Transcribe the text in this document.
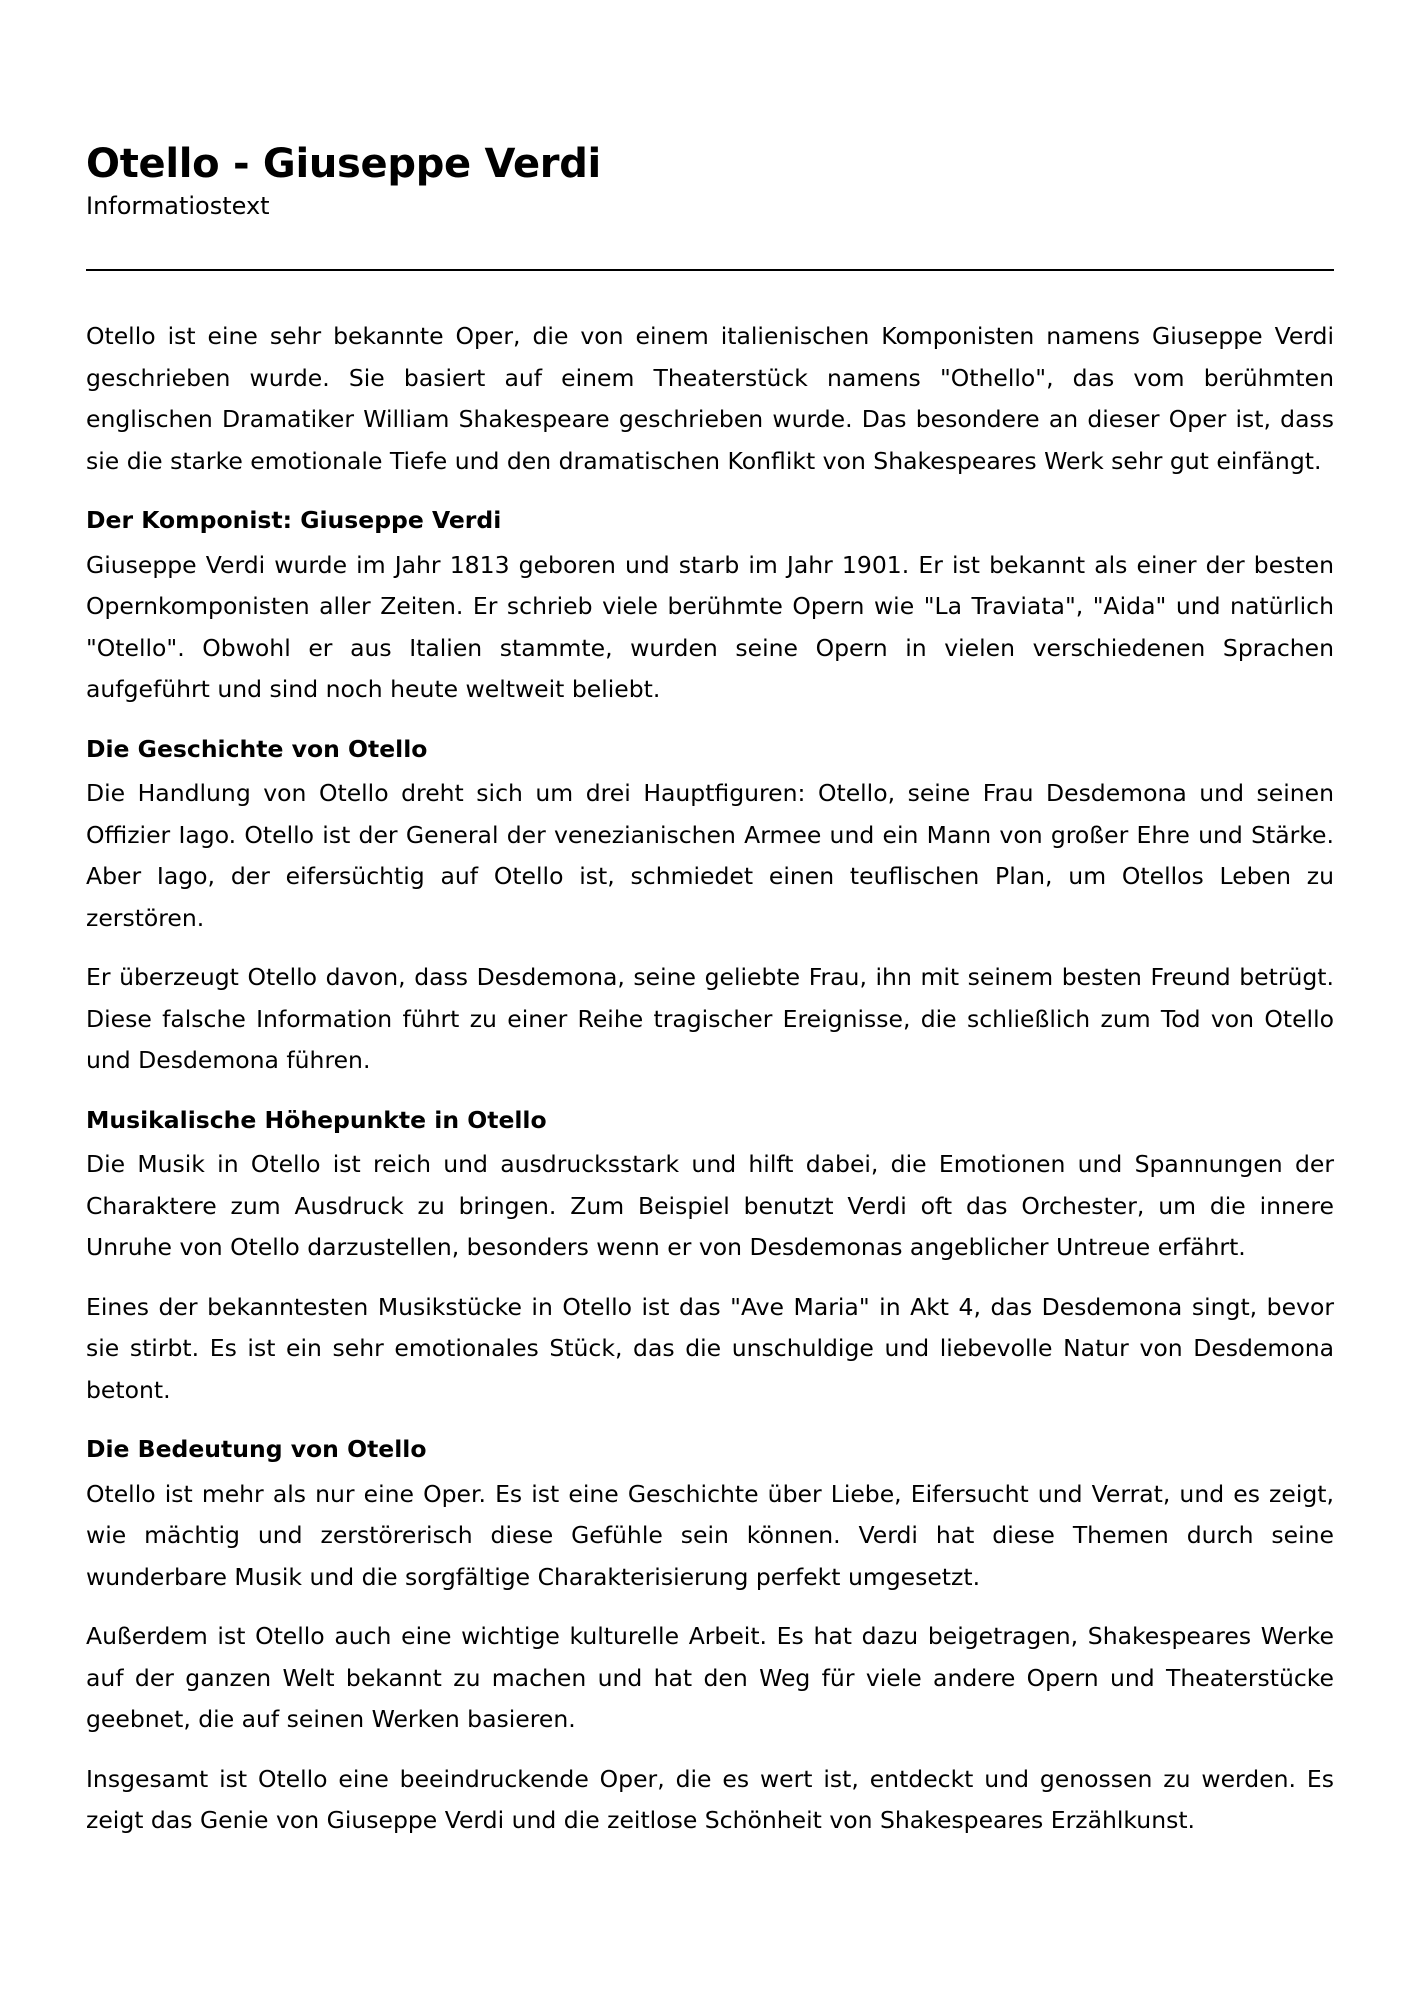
Otello - Giuseppe Verdi

Informatiostext

Otello ist eine sehr bekannte Oper, die von einem italienischen Komponisten namens Giuseppe Verdi geschrieben wurde. Sie basiert auf einem Theaterstück namens "Othello", das vom berühmten englischen Dramatiker William Shakespeare geschrieben wurde. Das besondere an dieser Oper ist, dass sie die starke emotionale Tiefe und den dramatischen Konflikt von Shakespeares Werk sehr gut einfängt.

Der Komponist: Giuseppe Verdi

Giuseppe Verdi wurde im Jahr 1813 geboren und starb im Jahr 1901. Er ist bekannt als einer der besten Opernkomponisten aller Zeiten. Er schrieb viele berühmte Opern wie "La Traviata", "Aida" und natürlich "Otello". Obwohl er aus Italien stammte, wurden seine Opern in vielen verschiedenen Sprachen aufgeführt und sind noch heute weltweit beliebt.

Die Geschichte von Otello

Die Handlung von Otello dreht sich um drei Hauptfiguren: Otello, seine Frau Desdemona und seinen Offizier Iago. Otello ist der General der venezianischen Armee und ein Mann von großer Ehre und Stärke. Aber Iago, der eifersüchtig auf Otello ist, schmiedet einen teuflischen Plan, um Otellos Leben zu zerstören.

Er überzeugt Otello davon, dass Desdemona, seine geliebte Frau, ihn mit seinem besten Freund betrügt. Diese falsche Information führt zu einer Reihe tragischer Ereignisse, die schließlich zum Tod von Otello und Desdemona führen.

Musikalische Höhepunkte in Otello

Die Musik in Otello ist reich und ausdrucksstark und hilft dabei, die Emotionen und Spannungen der Charaktere zum Ausdruck zu bringen. Zum Beispiel benutzt Verdi oft das Orchester, um die innere Unruhe von Otello darzustellen, besonders wenn er von Desdemonas angeblicher Untreue erfährt.

Eines der bekanntesten Musikstücke in Otello ist das "Ave Maria" in Akt 4, das Desdemona singt, bevor sie stirbt. Es ist ein sehr emotionales Stück, das die unschuldige und liebevolle Natur von Desdemona betont.

Die Bedeutung von Otello

Otello ist mehr als nur eine Oper. Es ist eine Geschichte über Liebe, Eifersucht und Verrat, und es zeigt, wie mächtig und zerstörerisch diese Gefühle sein können. Verdi hat diese Themen durch seine wunderbare Musik und die sorgfältige Charakterisierung perfekt umgesetzt.

Außerdem ist Otello auch eine wichtige kulturelle Arbeit. Es hat dazu beigetragen, Shakespeares Werke auf der ganzen Welt bekannt zu machen und hat den Weg für viele andere Opern und Theaterstücke geebnet, die auf seinen Werken basieren.

Insgesamt ist Otello eine beeindruckende Oper, die es wert ist, entdeckt und genossen zu werden. Es zeigt das Genie von Giuseppe Verdi und die zeitlose Schönheit von Shakespeares Erzählkunst.
